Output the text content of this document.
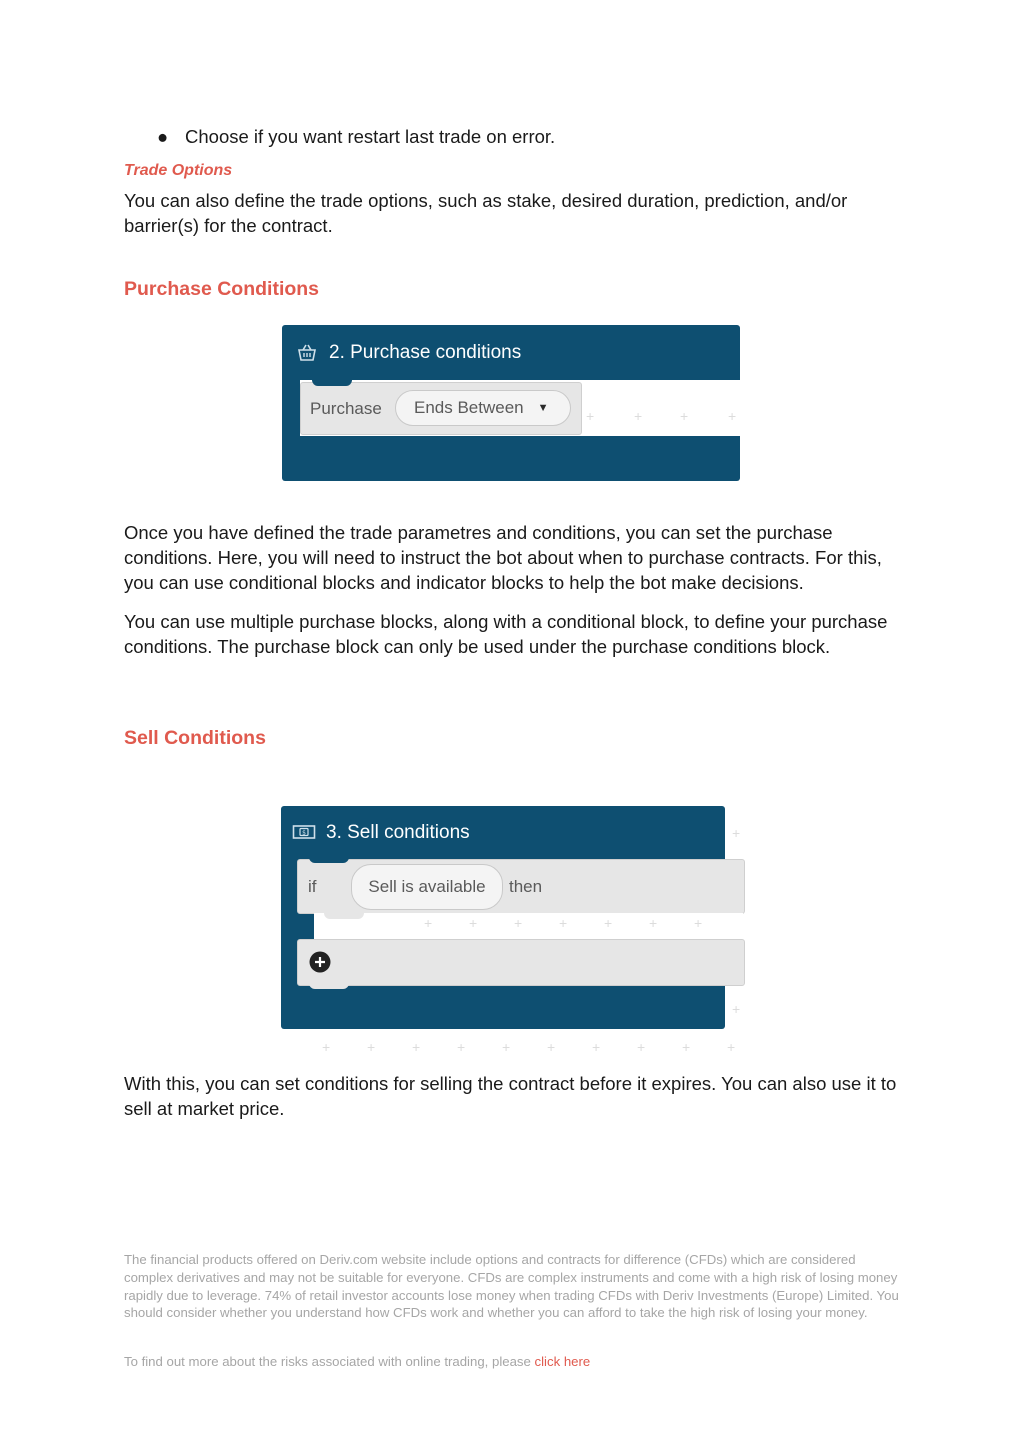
● Choose if you want restart last trade on error.
Trade Options
You can also define the trade options, such as stake, desired duration, prediction, and/or barrier(s) for the contract.
Purchase Conditions
2. Purchase conditions
+	+	+	+
Purchase Ends Between ▼
Once you have defined the trade parametres and conditions, you can set the purchase conditions. Here, you will need to instruct the bot about when to purchase contracts. For this, you can use conditional blocks and indicator blocks to help the bot make decisions.
You can use multiple purchase blocks, along with a conditional block, to define your purchase conditions. The purchase block can only be used under the purchase conditions block.
Sell Conditions
$ 3. Sell conditions
if	Sell is available then
+	+	+	+	+	+	+
+
+
+	+	+	+	+	+	+	+	+	+
With this, you can set conditions for selling the contract before it expires. You can also use it to sell at market price.
The financial products offered on Deriv.com website include options and contracts for difference (CFDs) which are considered complex derivatives and may not be suitable for everyone. CFDs are complex instruments and come with a high risk of losing money rapidly due to leverage. 74% of retail investor accounts lose money when trading CFDs with Deriv Investments (Europe) Limited. You should consider whether you understand how CFDs work and whether you can afford to take the high risk of losing your money.
To find out more about the risks associated with online trading, please click here
